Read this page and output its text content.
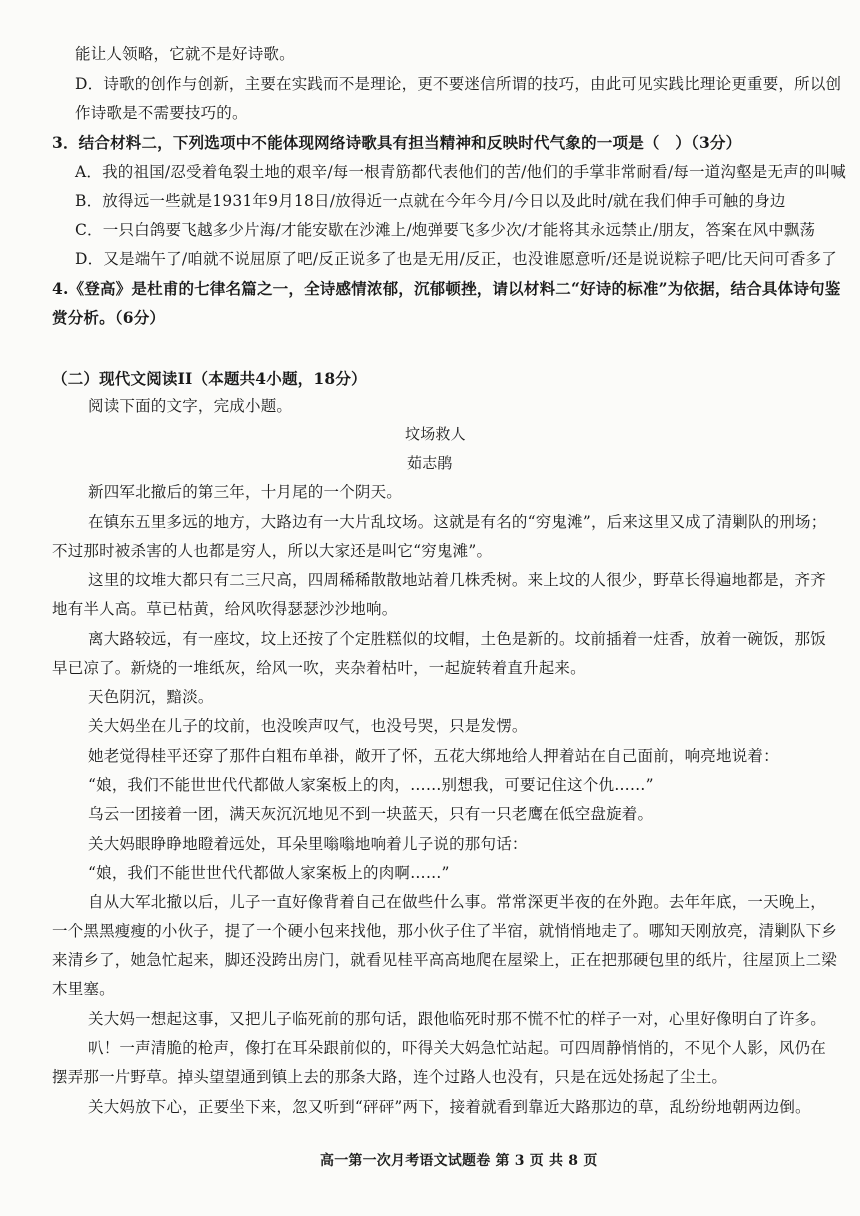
能让人领略，它就不是好诗歌。
D．诗歌的创作与创新，主要在实践而不是理论，更不要迷信所谓的技巧，由此可见实践比理论更重要，所以创
作诗歌是不需要技巧的。
3．结合材料二，下列选项中不能体现网络诗歌具有担当精神和反映时代气象的一项是（　）（3分）
A．我的祖国/忍受着龟裂土地的艰辛/每一根青筋都代表他们的苦/他们的手掌非常耐看/每一道沟壑是无声的叫喊
B．放得远一些就是1931年9月18日/放得近一点就在今年今月/今日以及此时/就在我们伸手可触的身边
C．一只白鸽要飞越多少片海/才能安歇在沙滩上/炮弹要飞多少次/才能将其永远禁止/朋友，答案在风中飘荡
D．又是端午了/咱就不说屈原了吧/反正说多了也是无用/反正，也没谁愿意听/还是说说粽子吧/比天问可香多了
4.《登高》是杜甫的七律名篇之一，全诗感情浓郁，沉郁顿挫，请以材料二“好诗的标准”为依据，结合具体诗句鉴
赏分析。（6分）
（二）现代文阅读II（本题共4小题，18分）
阅读下面的文字，完成小题。
坟场救人
茹志鹃
新四军北撤后的第三年，十月尾的一个阴天。
在镇东五里多远的地方，大路边有一大片乱坟场。这就是有名的“穷鬼滩”，后来这里又成了清剿队的刑场；
不过那时被杀害的人也都是穷人，所以大家还是叫它“穷鬼滩”。
这里的坟堆大都只有二三尺高，四周稀稀散散地站着几株秃树。来上坟的人很少，野草长得遍地都是，齐齐
地有半人高。草已枯黄，给风吹得瑟瑟沙沙地响。
离大路较远，有一座坟，坟上还按了个定胜糕似的坟帽，土色是新的。坟前插着一炷香，放着一碗饭，那饭
早已凉了。新烧的一堆纸灰，给风一吹，夹杂着枯叶，一起旋转着直升起来。
天色阴沉，黯淡。
关大妈坐在儿子的坟前，也没唉声叹气，也没号哭，只是发愣。
她老觉得桂平还穿了那件白粗布单褂，敞开了怀，五花大绑地给人押着站在自己面前，响亮地说着：
“娘，我们不能世世代代都做人家案板上的肉，……别想我，可要记住这个仇……”
乌云一团接着一团，满天灰沉沉地见不到一块蓝天，只有一只老鹰在低空盘旋着。
关大妈眼睁睁地瞪着远处，耳朵里嗡嗡地响着儿子说的那句话：
“娘，我们不能世世代代都做人家案板上的肉啊……”
自从大军北撤以后，儿子一直好像背着自己在做些什么事。常常深更半夜的在外跑。去年年底，一天晚上，
一个黑黑瘦瘦的小伙子，提了一个硬小包来找他，那小伙子住了半宿，就悄悄地走了。哪知天刚放亮，清剿队下乡
来清乡了，她急忙起来，脚还没跨出房门，就看见桂平高高地爬在屋梁上，正在把那硬包里的纸片，往屋顶上二梁
木里塞。
关大妈一想起这事，又把儿子临死前的那句话，跟他临死时那不慌不忙的样子一对，心里好像明白了许多。
叭！一声清脆的枪声，像打在耳朵跟前似的，吓得关大妈急忙站起。可四周静悄悄的，不见个人影，风仍在
摆弄那一片野草。掉头望望通到镇上去的那条大路，连个过路人也没有，只是在远处扬起了尘土。
关大妈放下心，正要坐下来，忽又听到“砰砰”两下，接着就看到靠近大路那边的草，乱纷纷地朝两边倒。
高一第一次月考语文试题卷 第 3 页 共 8 页
